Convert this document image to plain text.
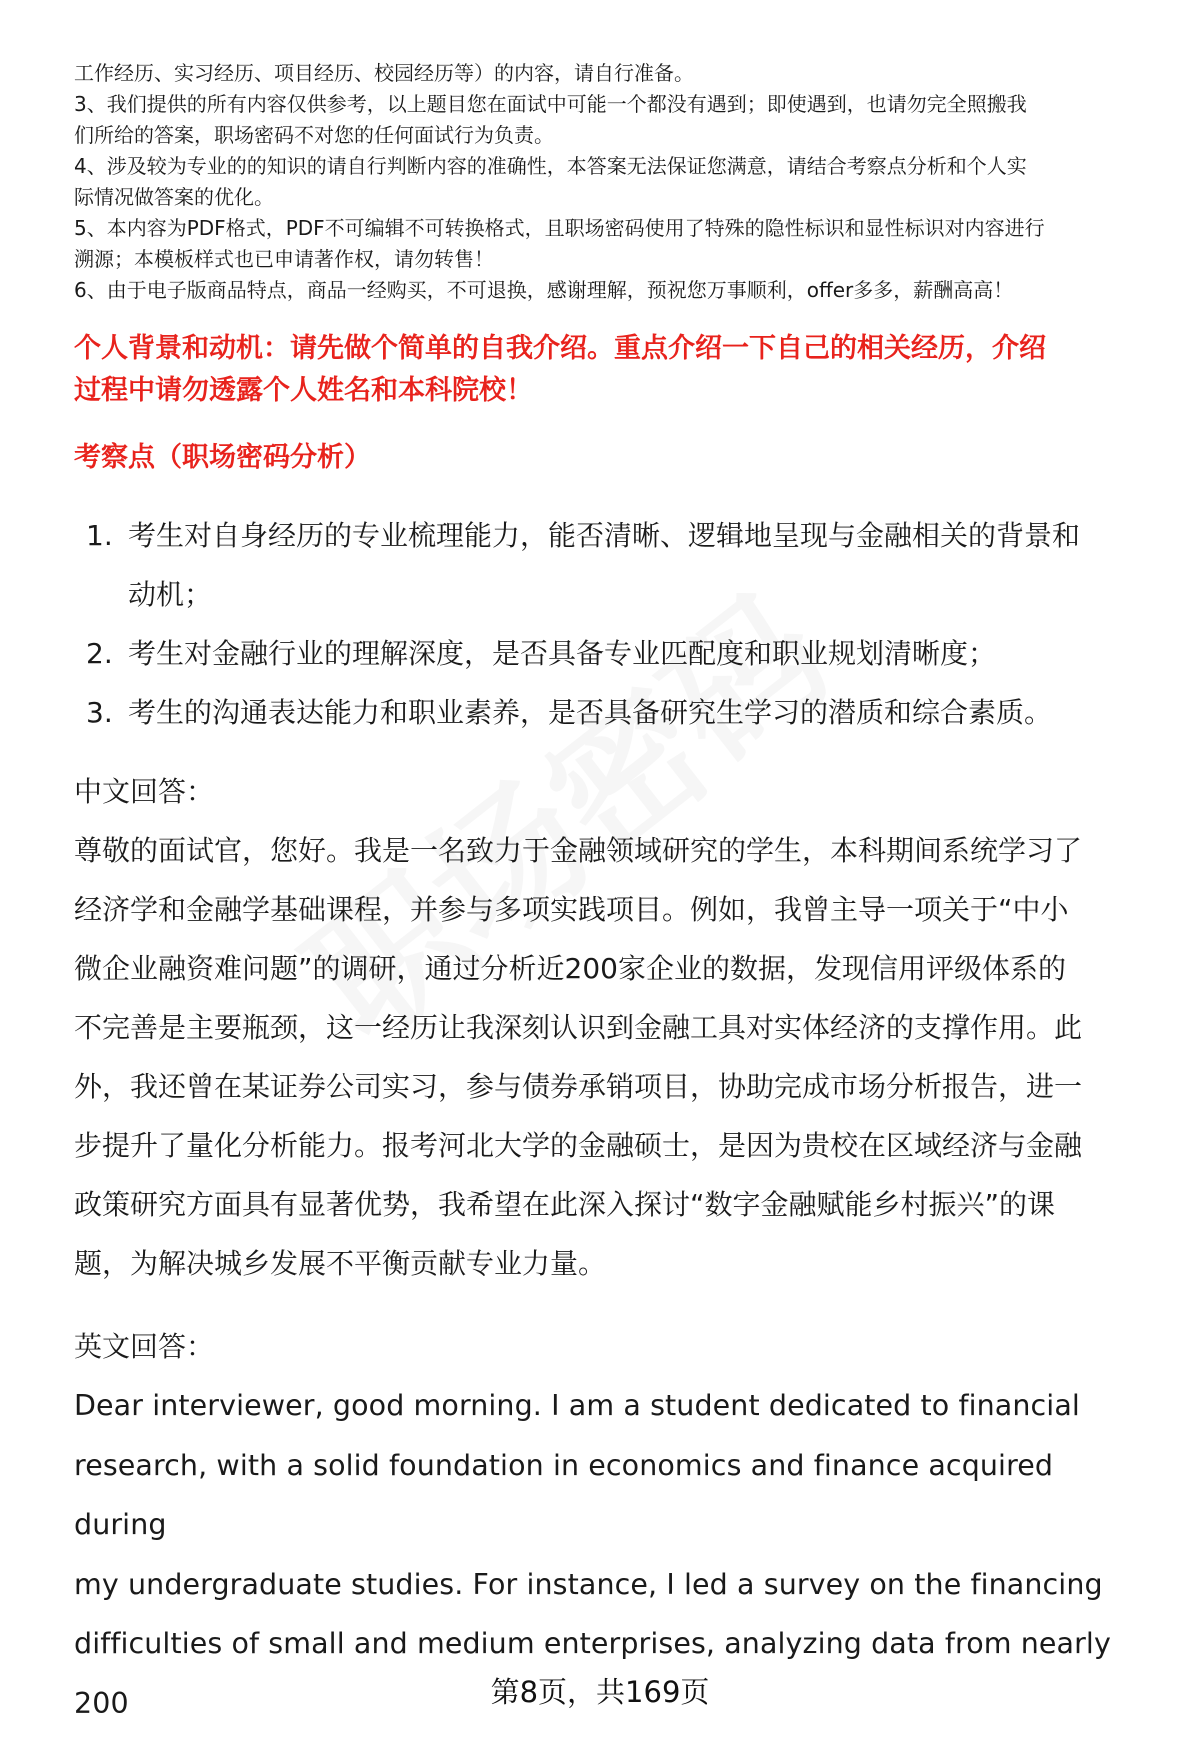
工作经历、实习经历、项目经历、校园经历等）的内容，请自行准备。

3、我们提供的所有内容仅供参考，以上题目您在面试中可能一个都没有遇到；即使遇到，也请勿完全照搬我

们所给的答案，职场密码不对您的任何面试行为负责。

4、涉及较为专业的的知识的请自行判断内容的准确性，本答案无法保证您满意，请结合考察点分析和个人实

际情况做答案的优化。

5、本内容为PDF格式，PDF不可编辑不可转换格式，且职场密码使用了特殊的隐性标识和显性标识对内容进行

溯源；本模板样式也已申请著作权，请勿转售！

6、由于电子版商品特点，商品一经购买，不可退换，感谢理解，预祝您万事顺利，offer多多，薪酬高高！

个人背景和动机：请先做个简单的自我介绍。重点介绍一下自己的相关经历，介绍
过程中请勿透露个人姓名和本科院校！
考察点（职场密码分析）
1. 考生对自身经历的专业梳理能力，能否清晰、逻辑地呈现与金融相关的背景和
动机；
2. 考生对金融行业的理解深度，是否具备专业匹配度和职业规划清晰度；
3. 考生的沟通表达能力和职业素养，是否具备研究生学习的潜质和综合素质。
中文回答：

尊敬的面试官，您好。我是一名致力于金融领域研究的学生，本科期间系统学习了

经济学和金融学基础课程，并参与多项实践项目。例如，我曾主导一项关于“中小

微企业融资难问题”的调研，通过分析近200家企业的数据，发现信用评级体系的

不完善是主要瓶颈，这一经历让我深刻认识到金融工具对实体经济的支撑作用。此

外，我还曾在某证券公司实习，参与债券承销项目，协助完成市场分析报告，进一

步提升了量化分析能力。报考河北大学的金融硕士，是因为贵校在区域经济与金融

政策研究方面具有显著优势，我希望在此深入探讨“数字金融赋能乡村振兴”的课

题，为解决城乡发展不平衡贡献专业力量。

英文回答：

Dear interviewer, good morning. I am a student dedicated to financial

research, with a solid foundation in economics and finance acquired during

my undergraduate studies. For instance, I led a survey on the financing

difficulties of small and medium enterprises, analyzing data from nearly 200	第8页，共169页
